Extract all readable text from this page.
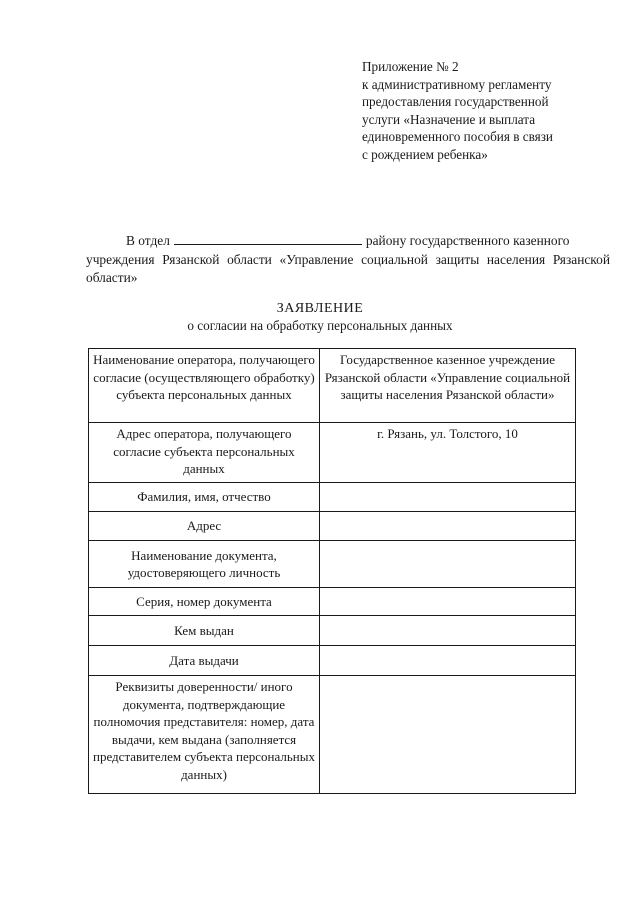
Приложение № 2
к административному регламенту
предоставления государственной
услуги «Назначение и выплата
единовременного пособия в связи
с рождением ребенка»
В отдел	району государственного казенного
учреждения Рязанской области «Управление социальной защиты населения Рязанской области»
ЗАЯВЛЕНИЕ
о согласии на обработку персональных данных
Наименование оператора, получающего согласие (осуществляющего обработку) субъекта персональных данных	Государственное казенное учреждение Рязанской области «Управление социальной защиты населения Рязанской области»
Адрес оператора, получающего согласие субъекта персональных данных	г. Рязань, ул. Толстого, 10
Фамилия, имя, отчество	
Адрес	
Наименование документа, удостоверяющего личность	
Серия, номер документа	
Кем выдан	
Дата выдачи	
Реквизиты доверенности/ иного документа, подтверждающие полномочия представителя: номер, дата выдачи, кем выдана (заполняется представителем субъекта персональных данных)	
